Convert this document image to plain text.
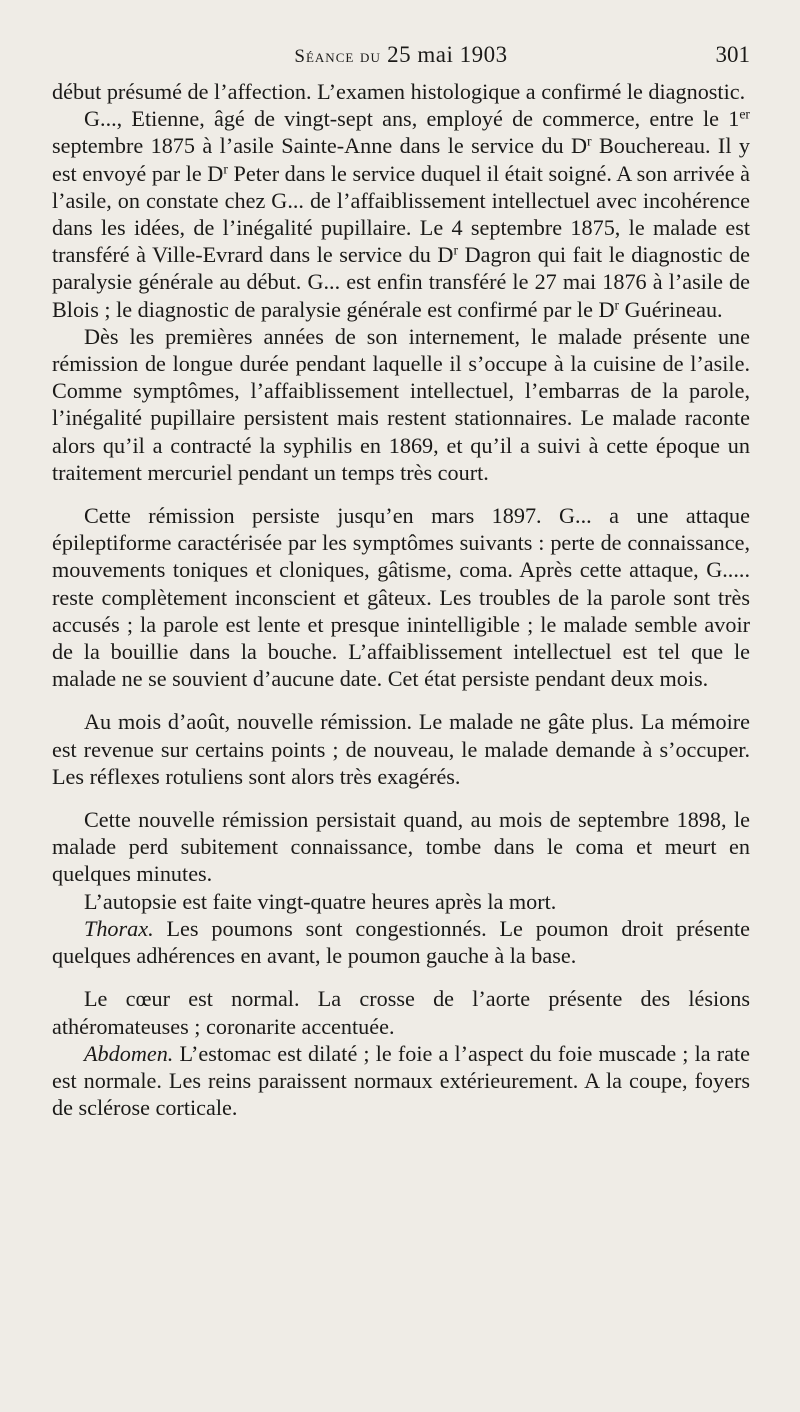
Séance du 25 mai 1903	301

début présumé de l’affection. L’examen histologique a confirmé le diagnostic.

G..., Etienne, âgé de vingt-sept ans, employé de commerce, entre le 1er septembre 1875 à l’asile Sainte-Anne dans le service du $D^r$ Bouchereau. Il y est envoyé par le $D^r$ Peter dans le service duquel il était soigné. A son arrivée à l’asile, on constate chez G... de l’affaiblissement intellectuel avec incohérence dans les idées, de l’inégalité pupillaire. Le 4 septembre 1875, le malade est transféré à Ville-Evrard dans le service du $D^r$ Dagron qui fait le diagnostic de paralysie générale au début. G... est enfin transféré le 27 mai 1876 à l’asile de Blois ; le diagnostic de paralysie générale est confirmé par le $D^r$ Guérineau.

Dès les premières années de son internement, le malade présente une rémission de longue durée pendant laquelle il s’occupe à la cuisine de l’asile. Comme symptômes, l’affaiblissement intellectuel, l’embarras de la parole, l’inégalité pupillaire persistent mais restent stationnaires. Le malade raconte alors qu’il a contracté la syphilis en 1869, et qu’il a suivi à cette époque un traitement mercuriel pendant un temps très court.

Cette rémission persiste jusqu’en mars 1897. G... a une attaque épileptiforme caractérisée par les symptômes suivants : perte de connaissance, mouvements toniques et cloniques, gâtisme, coma. Après cette attaque, G..... reste complètement inconscient et gâteux. Les troubles de la parole sont très accusés ; la parole est lente et presque inintelligible ; le malade semble avoir de la bouillie dans la bouche. L’affaiblissement intellectuel est tel que le malade ne se souvient d’aucune date. Cet état persiste pendant deux mois.

Au mois d’août, nouvelle rémission. Le malade ne gâte plus. La mémoire est revenue sur certains points ; de nouveau, le malade demande à s’occuper. Les réflexes rotuliens sont alors très exagérés.

Cette nouvelle rémission persistait quand, au mois de septembre 1898, le malade perd subitement connaissance, tombe dans le coma et meurt en quelques minutes.

L’autopsie est faite vingt-quatre heures après la mort.

Thorax. Les poumons sont congestionnés. Le poumon droit présente quelques adhérences en avant, le poumon gauche à la base.

Le cœur est normal. La crosse de l’aorte présente des lésions athéromateuses ; coronarite accentuée.

Abdomen. L’estomac est dilaté ; le foie a l’aspect du foie muscade ; la rate est normale. Les reins paraissent normaux extérieurement. A la coupe, foyers de sclérose corticale.
